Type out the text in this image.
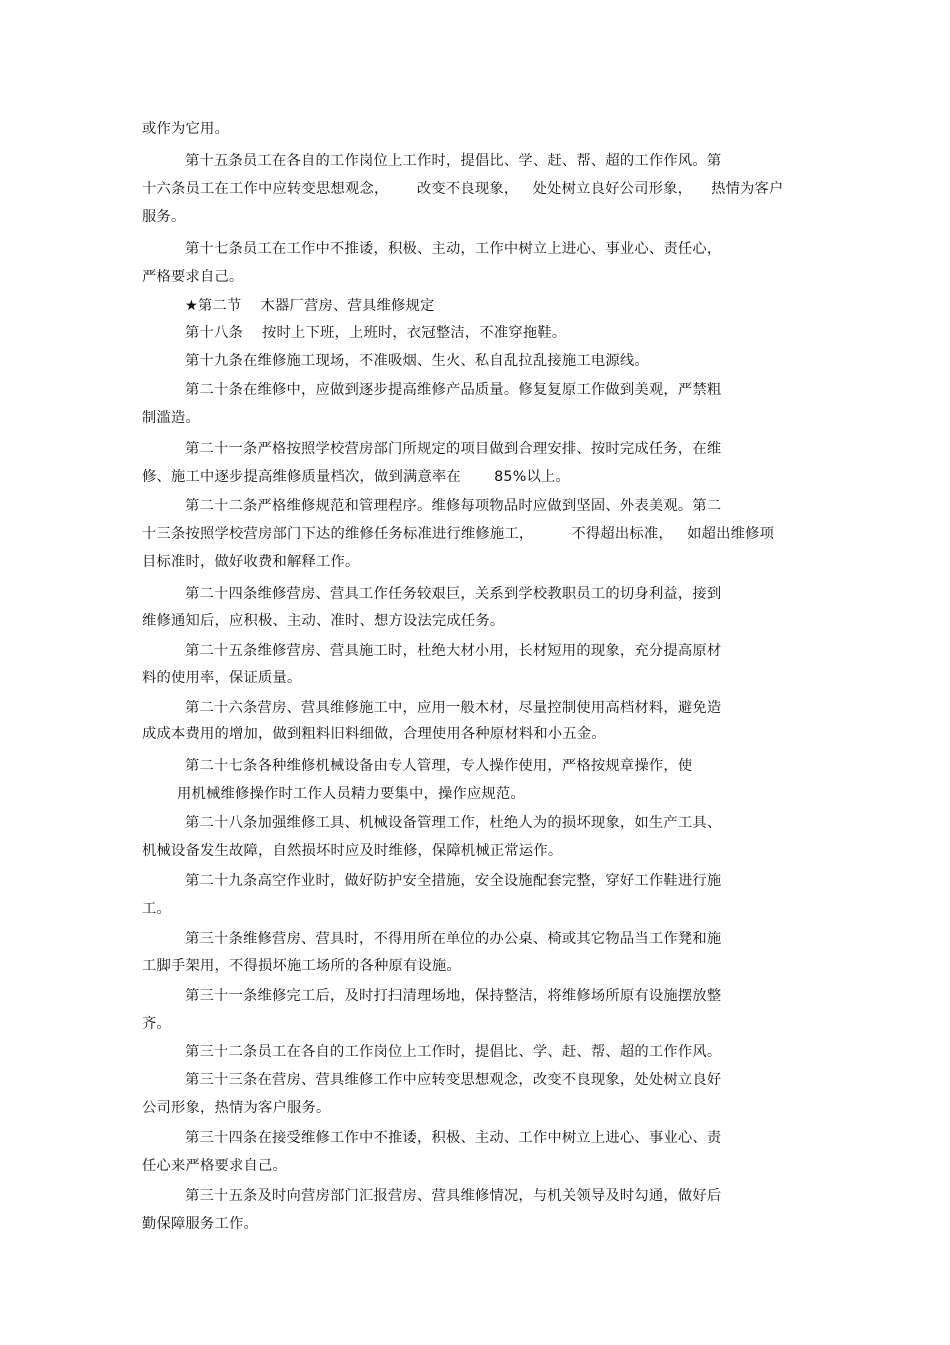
或作为它用。

第十五条员工在各自的工作岗位上工作时，提倡比、学、赶、帮、超的工作作风。第

十六条员工在工作中应转变思想观念，      改变不良现象，   处处树立良好公司形象，    热情为客户

服务。

第十七条员工在工作中不推诿，积极、主动，工作中树立上进心、事业心、责任心，

严格要求自己。

★第二节    木器厂营房、营具维修规定

第十八条    按时上下班，上班时，衣冠整洁，不准穿拖鞋。

第十九条在维修施工现场，不准吸烟、生火、私自乱拉乱接施工电源线。

第二十条在维修中，应做到逐步提高维修产品质量。修复复原工作做到美观，严禁粗

制滥造。

第二十一条严格按照学校营房部门所规定的项目做到合理安排、按时完成任务，在维

修、施工中逐步提高维修质量档次，做到满意率在       85%以上。

第二十二条严格维修规范和管理程序。维修每项物品时应做到坚固、外表美观。第二

十三条按照学校营房部门下达的维修任务标准进行维修施工，        不得超出标准，   如超出维修项

目标准时，做好收费和解释工作。

第二十四条维修营房、营具工作任务较艰巨，关系到学校教职员工的切身利益，接到

维修通知后，应积极、主动、准时、想方设法完成任务。

第二十五条维修营房、营具施工时，杜绝大材小用，长材短用的现象，充分提高原材

料的使用率，保证质量。

第二十六条营房、营具维修施工中，应用一般木材，尽量控制使用高档材料，避免造

成成本费用的增加，做到粗料旧料细做，合理使用各种原材料和小五金。

第二十七条各种维修机械设备由专人管理，专人操作使用，严格按规章操作，使

用机械维修操作时工作人员精力要集中，操作应规范。

第二十八条加强维修工具、机械设备管理工作，杜绝人为的损坏现象，如生产工具、

机械设备发生故障，自然损坏时应及时维修，保障机械正常运作。

第二十九条高空作业时，做好防护安全措施，安全设施配套完整，穿好工作鞋进行施

工。

第三十条维修营房、营具时，不得用所在单位的办公桌、椅或其它物品当工作凳和施

工脚手架用，不得损坏施工场所的各种原有设施。

第三十一条维修完工后，及时打扫清理场地，保持整洁，将维修场所原有设施摆放整

齐。

第三十二条员工在各自的工作岗位上工作时，提倡比、学、赶、帮、超的工作作风。

第三十三条在营房、营具维修工作中应转变思想观念，改变不良现象，处处树立良好

公司形象，热情为客户服务。

第三十四条在接受维修工作中不推诿，积极、主动、工作中树立上进心、事业心、责

任心来严格要求自己。

第三十五条及时向营房部门汇报营房、营具维修情况，与机关领导及时勾通，做好后

勤保障服务工作。
